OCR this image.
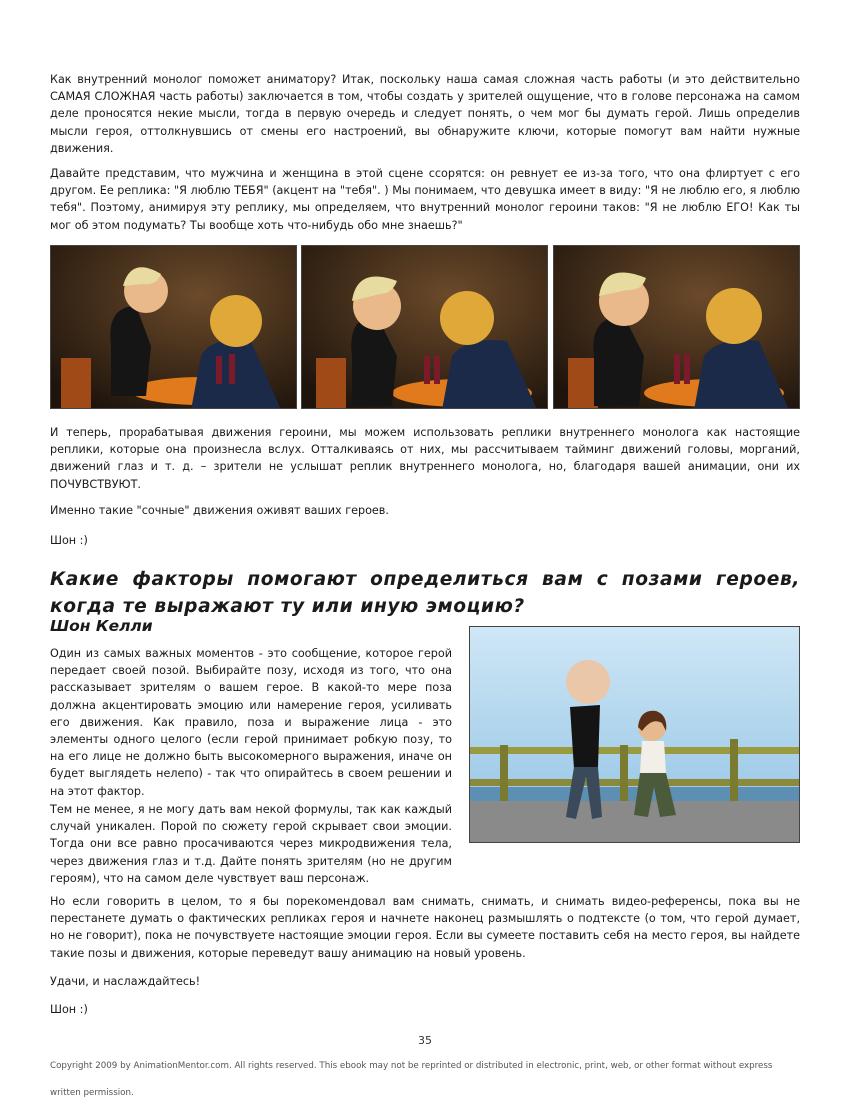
Как внутренний монолог поможет аниматору? Итак, поскольку наша самая сложная часть работы (и это действительно САМАЯ СЛОЖНАЯ часть работы) заключается в том, чтобы создать у зрителей ощущение, что в голове персонажа на самом деле проносятся некие мысли, тогда в первую очередь и следует понять, о чем мог бы думать герой. Лишь определив мысли героя, оттолкнувшись от смены его настроений, вы обнаружите ключи, которые помогут вам найти нужные движения.

Давайте представим, что мужчина и женщина в этой сцене ссорятся: он ревнует ее из-за того, что она флиртует с его другом. Ее реплика: "Я люблю ТЕБЯ" (акцент на "тебя". ) Мы понимаем, что девушка имеет в виду: "Я не люблю его, я люблю тебя". Поэтому, анимируя эту реплику, мы определяем, что внутренний монолог героини таков: "Я не люблю ЕГО! Как ты мог об этом подумать? Ты вообще хоть что-нибудь обо мне знаешь?"

И теперь, прорабатывая движения героини, мы можем использовать реплики внутреннего монолога как настоящие реплики, которые она произнесла вслух. Отталкиваясь от них, мы рассчитываем тайминг движений головы, морганий, движений глаз и т. д. – зрители не услышат реплик внутреннего монолога, но, благодаря вашей анимации, они их ПОЧУВСТВУЮТ.

Именно такие "сочные" движения оживят ваших героев.

Шон :)

Какие факторы помогают определиться вам с позами героев, когда те выражают ту или иную эмоцию?
Шон Келли

Один из самых важных моментов - это сообщение, которое герой передает своей позой. Выбирайте позу, исходя из того, что она рассказывает зрителям о вашем герое. В какой-то мере поза должна акцентировать эмоцию или намерение героя, усиливать его движения. Как правило, поза и выражение лица - это элементы одного целого (если герой принимает робкую позу, то на его лице не должно быть высокомерного выражения, иначе он будет выглядеть нелепо) - так что опирайтесь в своем решении и на этот фактор.

Тем не менее, я не могу дать вам некой формулы, так как каждый случай уникален. Порой по сюжету герой скрывает свои эмоции. Тогда они все равно просачиваются через микродвижения тела, через движения глаз и т.д. Дайте понять зрителям (но не другим героям), что на самом деле чувствует ваш персонаж.

Но если говорить в целом, то я бы порекомендовал вам снимать, снимать, и снимать видео-референсы, пока вы не перестанете думать о фактических репликах героя и начнете наконец размышлять о подтексте (о том, что герой думает, но не говорит), пока не почувствуете настоящие эмоции героя. Если вы сумеете поставить себя на место героя, вы найдете такие позы и движения, которые переведут вашу анимацию на новый уровень.

Удачи, и наслаждайтесь!

Шон :)

35
Copyright 2009 by AnimationMentor.com. All rights reserved. This ebook may not be reprinted or distributed in electronic, print, web, or other format without express written permission.
